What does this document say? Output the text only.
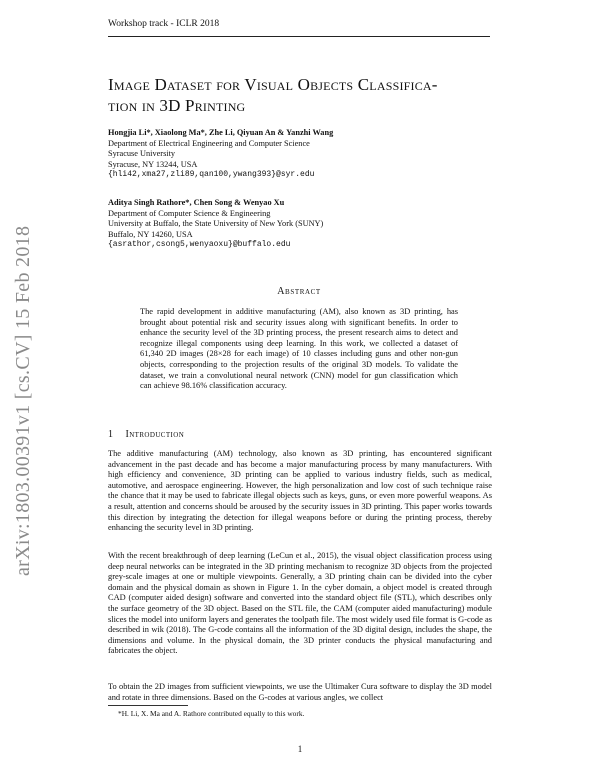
Workshop track - ICLR 2018
arXiv:1803.00391v1 [cs.CV] 15 Feb 2018
Image Dataset for Visual Objects Classifica-
tion in 3D Printing
Hongjia Li*, Xiaolong Ma*, Zhe Li, Qiyuan An & Yanzhi Wang
Department of Electrical Engineering and Computer Science
Syracuse University
Syracuse, NY 13244, USA
{hli42,xma27,zli89,qan100,ywang393}@syr.edu
Aditya Singh Rathore*, Chen Song & Wenyao Xu
Department of Computer Science & Engineering
University at Buffalo, the State University of New York (SUNY)
Buffalo, NY 14260, USA
{asrathor,csong5,wenyaoxu}@buffalo.edu
Abstract
The rapid development in additive manufacturing (AM), also known as 3D printing, has brought about potential risk and security issues along with significant benefits. In order to enhance the security level of the 3D printing process, the present research aims to detect and recognize illegal components using deep learning. In this work, we collected a dataset of 61,340 2D images (28×28 for each image) of 10 classes including guns and other non-gun objects, corresponding to the projection results of the original 3D models. To validate the dataset, we train a convolutional neural network (CNN) model for gun classification which can achieve 98.16% classification accuracy.
1 Introduction
The additive manufacturing (AM) technology, also known as 3D printing, has encountered significant advancement in the past decade and has become a major manufacturing process by many manufacturers. With high efficiency and convenience, 3D printing can be applied to various industry fields, such as medical, automotive, and aerospace engineering. However, the high personalization and low cost of such technique raise the chance that it may be used to fabricate illegal objects such as keys, guns, or even more powerful weapons. As a result, attention and concerns should be aroused by the security issues in 3D printing. This paper works towards this direction by integrating the detection for illegal weapons before or during the printing process, thereby enhancing the security level in 3D printing.
With the recent breakthrough of deep learning (LeCun et al., 2015), the visual object classification process using deep neural networks can be integrated in the 3D printing mechanism to recognize 3D objects from the projected grey-scale images at one or multiple viewpoints. Generally, a 3D printing chain can be divided into the cyber domain and the physical domain as shown in Figure 1. In the cyber domain, a object model is created through CAD (computer aided design) software and converted into the standard object file (STL), which describes only the surface geometry of the 3D object. Based on the STL file, the CAM (computer aided manufacturing) module slices the model into uniform layers and generates the toolpath file. The most widely used file format is G-code as described in wik (2018). The G-code contains all the information of the 3D digital design, includes the shape, the dimensions and volume. In the physical domain, the 3D printer conducts the physical manufacturing and fabricates the object.
To obtain the 2D images from sufficient viewpoints, we use the Ultimaker Cura software to display the 3D model and rotate in three dimensions. Based on the G-codes at various angles, we collect
*H. Li, X. Ma and A. Rathore contributed equally to this work.
1
